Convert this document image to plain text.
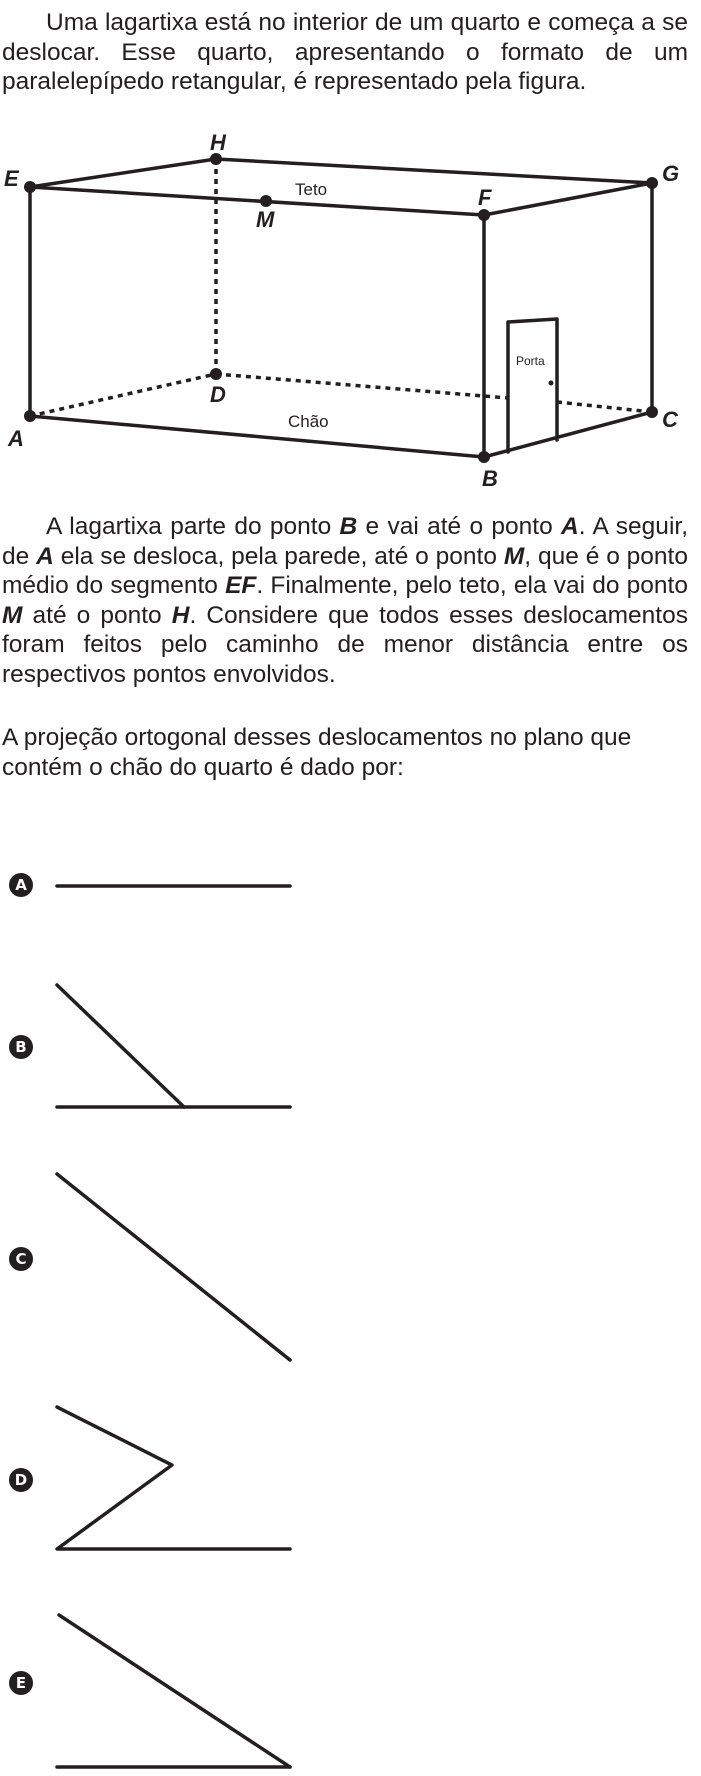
Uma lagartixa está no interior de um quarto e começa a se deslocar. Esse quarto, apresentando o formato de um paralelepípedo retangular, é representado pela figura.

H
E	G
F
M
D
A
B
C
Teto
Chão
Porta

A lagartixa parte do ponto B e vai até o ponto A. A seguir, de A ela se desloca, pela parede, até o ponto M, que é o ponto médio do segmento EF. Finalmente, pelo teto, ela vai do ponto M até o ponto H. Considere que todos esses deslocamentos foram feitos pelo caminho de menor distância entre os respectivos pontos envolvidos.

A projeção ortogonal desses deslocamentos no plano que contém o chão do quarto é dado por:

A
B
C
D
E
